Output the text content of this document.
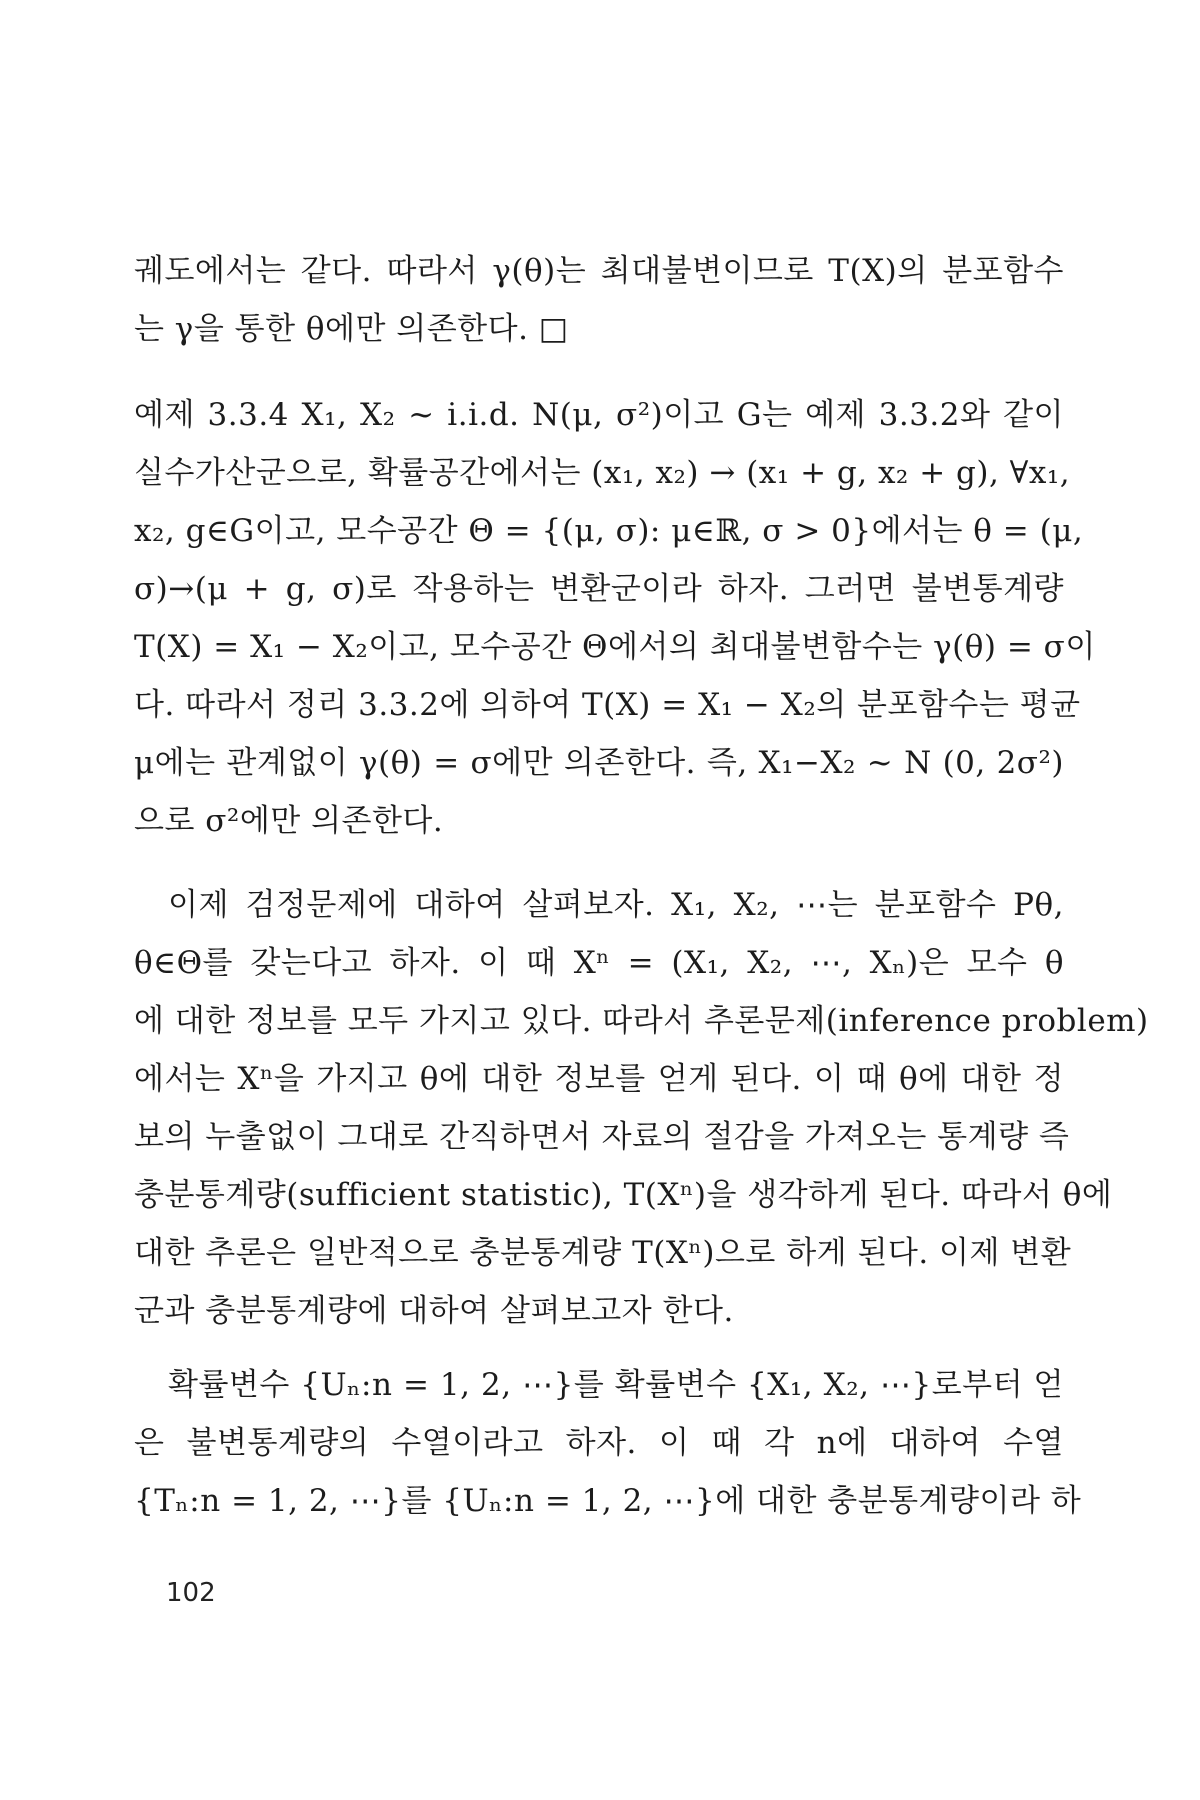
궤도에서는 같다. 따라서 γ(θ)는 최대불변이므로 T(X)의 분포함수
는 γ을 통한 θ에만 의존한다. □
예제 3.3.4 X₁, X₂ ~ i.i.d. N(μ, σ²)이고 G는 예제 3.3.2와 같이
실수가산군으로, 확률공간에서는 (x₁, x₂) → (x₁ + g, x₂ + g), ∀x₁,
x₂, g∈G이고, 모수공간 Θ = {(μ, σ): μ∈ℝ, σ > 0}에서는 θ = (μ,
σ)→(μ + g, σ)로 작용하는 변환군이라 하자. 그러면 불변통계량
T(X) = X₁ − X₂이고, 모수공간 Θ에서의 최대불변함수는 γ(θ) = σ이
다. 따라서 정리 3.3.2에 의하여 T(X) = X₁ − X₂의 분포함수는 평균
μ에는 관계없이 γ(θ) = σ에만 의존한다. 즉, X₁−X₂ ~ N (0, 2σ²)
으로 σ²에만 의존한다.
이제 검정문제에 대하여 살펴보자. X₁, X₂, ⋯는 분포함수 Pθ,
θ∈Θ를 갖는다고 하자. 이 때 Xⁿ = (X₁, X₂, ⋯, Xₙ)은 모수 θ
에 대한 정보를 모두 가지고 있다. 따라서 추론문제(inference problem)
에서는 Xⁿ을 가지고 θ에 대한 정보를 얻게 된다. 이 때 θ에 대한 정
보의 누출없이 그대로 간직하면서 자료의 절감을 가져오는 통계량 즉
충분통계량(sufficient statistic), T(Xⁿ)을 생각하게 된다. 따라서 θ에
대한 추론은 일반적으로 충분통계량 T(Xⁿ)으로 하게 된다. 이제 변환
군과 충분통계량에 대하여 살펴보고자 한다.
확률변수 {Uₙ:n = 1, 2, ⋯}를 확률변수 {X₁, X₂, ⋯}로부터 얻
은 불변통계량의 수열이라고 하자. 이 때 각 n에 대하여 수열
{Tₙ:n = 1, 2, ⋯}를 {Uₙ:n = 1, 2, ⋯}에 대한 충분통계량이라 하
102
